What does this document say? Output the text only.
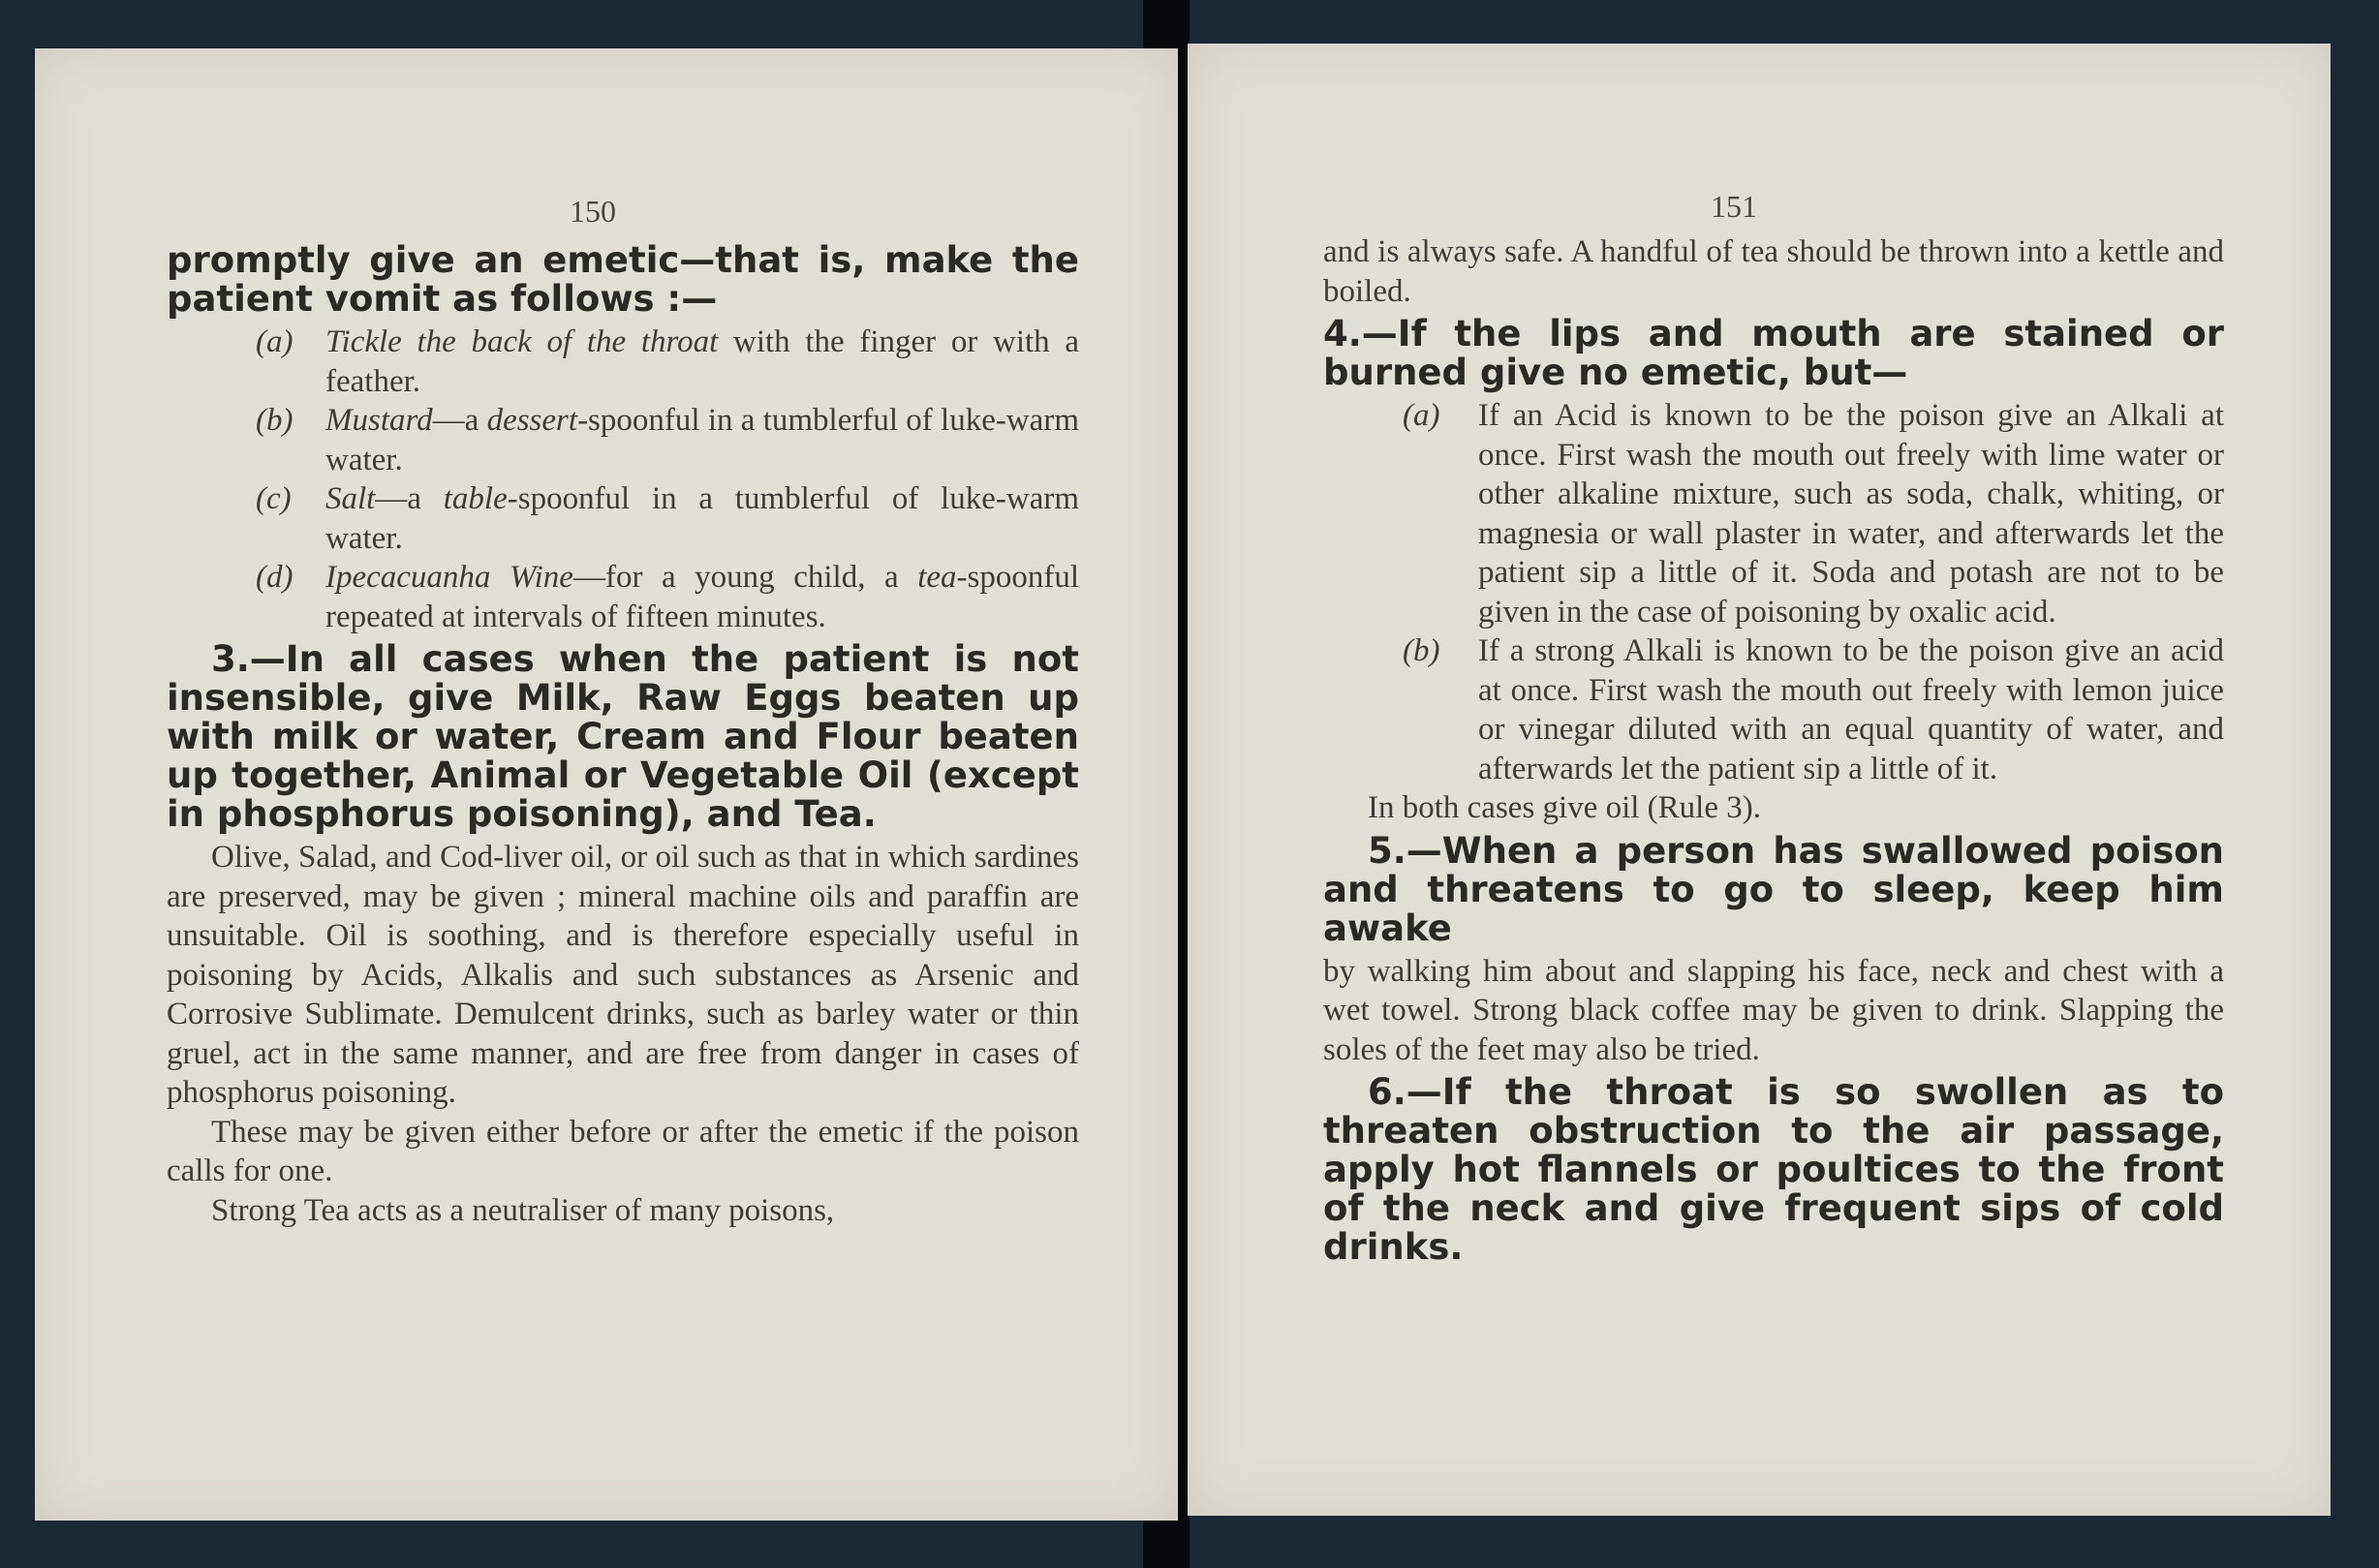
150

promptly give an emetic—that is, make the patient vomit as follows :—

(a) Tickle the back of the throat with the finger or with a feather.

(b) Mustard—a dessert-spoonful in a tumblerful of luke-warm water.

(c) Salt—a table-spoonful in a tumblerful of luke-warm water.

(d) Ipecacuanha Wine—for a young child, a tea-spoonful repeated at intervals of fifteen minutes.

3.—In all cases when the patient is not insensible, give Milk, Raw Eggs beaten up with milk or water, Cream and Flour beaten up together, Animal or Vegetable Oil (except in phosphorus poisoning), and Tea.

Olive, Salad, and Cod-liver oil, or oil such as that in which sardines are preserved, may be given ; mineral machine oils and paraffin are unsuitable. Oil is soothing, and is therefore especially useful in poisoning by Acids, Alkalis and such substances as Arsenic and Corrosive Sublimate. Demulcent drinks, such as barley water or thin gruel, act in the same manner, and are free from danger in cases of phosphorus poisoning.

These may be given either before or after the emetic if the poison calls for one.

Strong Tea acts as a neutraliser of many poisons,

151

and is always safe. A handful of tea should be thrown into a kettle and boiled.

4.—If the lips and mouth are stained or burned give no emetic, but—

(a) If an Acid is known to be the poison give an Alkali at once. First wash the mouth out freely with lime water or other alkaline mixture, such as soda, chalk, whiting, or magnesia or wall plaster in water, and afterwards let the patient sip a little of it. Soda and potash are not to be given in the case of poisoning by oxalic acid.

(b) If a strong Alkali is known to be the poison give an acid at once. First wash the mouth out freely with lemon juice or vinegar diluted with an equal quantity of water, and afterwards let the patient sip a little of it.

In both cases give oil (Rule 3).

5.—When a person has swallowed poison and threatens to go to sleep, keep him awake

by walking him about and slapping his face, neck and chest with a wet towel. Strong black coffee may be given to drink. Slapping the soles of the feet may also be tried.

6.—If the throat is so swollen as to threaten obstruction to the air passage, apply hot flannels or poultices to the front of the neck and give frequent sips of cold drinks.
